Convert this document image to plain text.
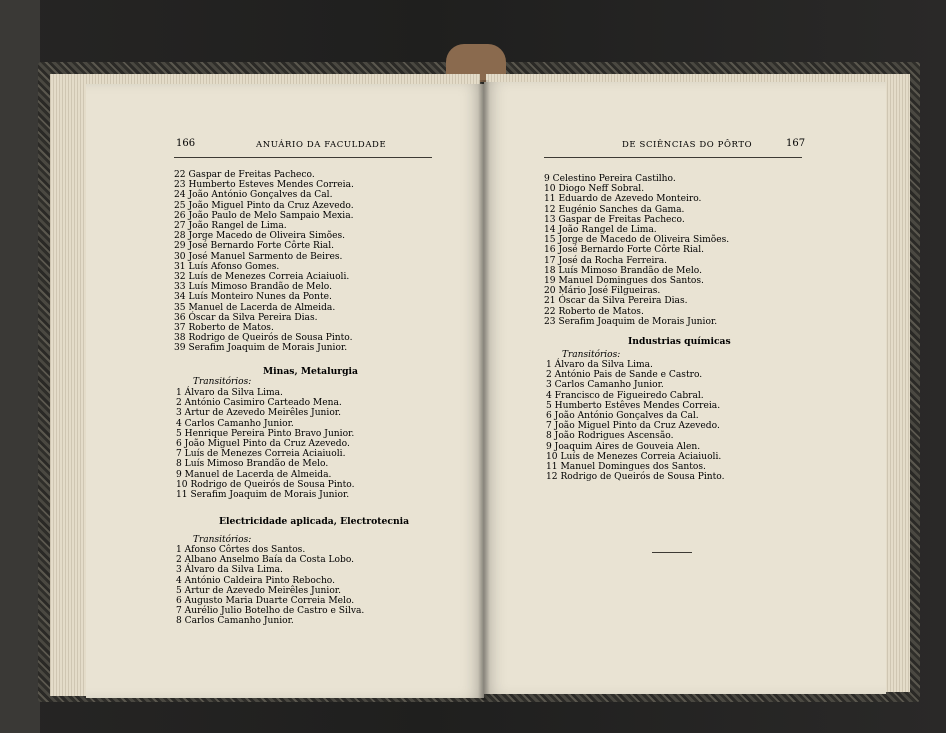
166	ANUÁRIO DA FACULDADE
22 Gaspar de Freitas Pacheco.
23 Humberto Esteves Mendes Correia.
24 João António Gonçalves da Cal.
25 João Miguel Pinto da Cruz Azevedo.
26 João Paulo de Melo Sampaio Mexia.
27 João Rangel de Lima.
28 Jorge Macedo de Oliveira Simões.
29 José Bernardo Forte Côrte Rial.
30 José Manuel Sarmento de Beires.
31 Luís Afonso Gomes.
32 Luís de Menezes Correia Aciaiuoli.
33 Luís Mimoso Brandão de Melo.
34 Luís Monteiro Nunes da Ponte.
35 Manuel de Lacerda de Almeida.
36 Óscar da Silva Pereira Dias.
37 Roberto de Matos.
38 Rodrigo de Queirós de Sousa Pinto.
39 Serafim Joaquim de Morais Junior.
Minas, Metalurgia
Transitórios:
1 Álvaro da Silva Lima.
2 António Casimiro Carteado Mena.
3 Artur de Azevedo Meirêles Junior.
4 Carlos Camanho Junior.
5 Henrique Pereira Pinto Bravo Junior.
6 João Miguel Pinto da Cruz Azevedo.
7 Luís de Menezes Correia Aciaiuoli.
8 Luís Mimoso Brandão de Melo.
9 Manuel de Lacerda de Almeida.
10 Rodrigo de Queirós de Sousa Pinto.
11 Serafim Joaquim de Morais Junior.
Electricidade aplicada, Electrotecnia
Transitórios:
1 Afonso Côrtes dos Santos.
2 Albano Anselmo Baía da Costa Lobo.
3 Álvaro da Silva Lima.
4 António Caldeira Pinto Rebocho.
5 Artur de Azevedo Meirêles Junior.
6 Augusto Maria Duarte Correia Melo.
7 Aurélio Julio Botelho de Castro e Silva.
8 Carlos Camanho Junior.
DE SCIÊNCIAS DO PÔRTO	167
9 Celestino Pereira Castilho.
10 Diogo Neff Sobral.
11 Eduardo de Azevedo Monteiro.
12 Eugénio Sanches da Gama.
13 Gaspar de Freitas Pacheco.
14 João Rangel de Lima.
15 Jorge de Macedo de Oliveira Simões.
16 José Bernardo Forte Côrte Rial.
17 José da Rocha Ferreira.
18 Luís Mimoso Brandão de Melo.
19 Manuel Domingues dos Santos.
20 Mário José Filgueiras.
21 Óscar da Silva Pereira Dias.
22 Roberto de Matos.
23 Serafim Joaquim de Morais Junior.
Industrias químicas
Transitórios:
1 Álvaro da Silva Lima.
2 António Pais de Sande e Castro.
3 Carlos Camanho Junior.
4 Francisco de Figueiredo Cabral.
5 Humberto Estêves Mendes Correia.
6 João António Gonçalves da Cal.
7 João Miguel Pinto da Cruz Azevedo.
8 João Rodrigues Ascensão.
9 Joaquim Aires de Gouveia Alen.
10 Luís de Menezes Correia Aciaiuoli.
11 Manuel Domingues dos Santos.
12 Rodrigo de Queirós de Sousa Pinto.
